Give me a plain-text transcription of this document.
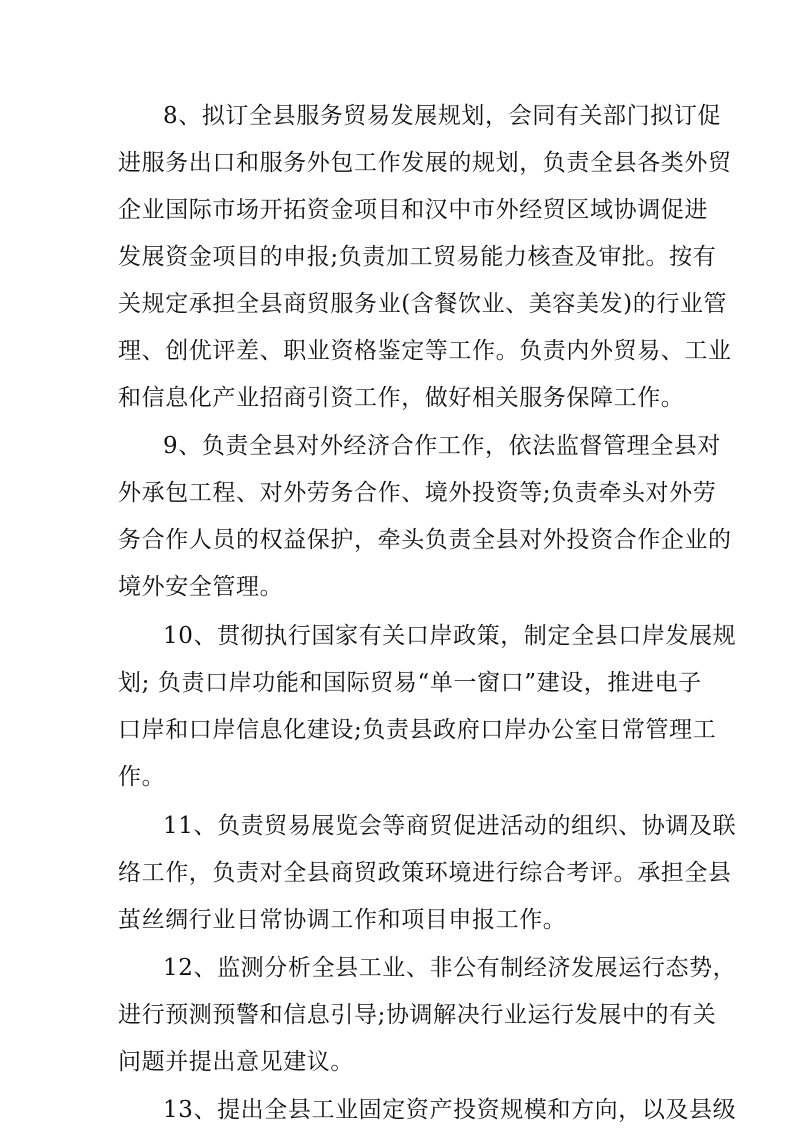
8、拟订全县服务贸易发展规划，会同有关部门拟订促
进服务出口和服务外包工作发展的规划，负责全县各类外贸
企业国际市场开拓资金项目和汉中市外经贸区域协调促进
发展资金项目的申报;负责加工贸易能力核查及审批。按有
关规定承担全县商贸服务业(含餐饮业、美容美发)的行业管
理、创优评差、职业资格鉴定等工作。负责内外贸易、工业
和信息化产业招商引资工作，做好相关服务保障工作。
9、负责全县对外经济合作工作，依法监督管理全县对
外承包工程、对外劳务合作、境外投资等;负责牵头对外劳
务合作人员的权益保护，牵头负责全县对外投资合作企业的
境外安全管理。
10、贯彻执行国家有关口岸政策，制定全县口岸发展规
划; 负责口岸功能和国际贸易“单一窗口”建设，推进电子
口岸和口岸信息化建设;负责县政府口岸办公室日常管理工
作。
11、负责贸易展览会等商贸促进活动的组织、协调及联
络工作，负责对全县商贸政策环境进行综合考评。承担全县
茧丝绸行业日常协调工作和项目申报工作。
12、监测分析全县工业、非公有制经济发展运行态势，
进行预测预警和信息引导;协调解决行业运行发展中的有关
问题并提出意见建议。
13、提出全县工业固定资产投资规模和方向，以及县级
